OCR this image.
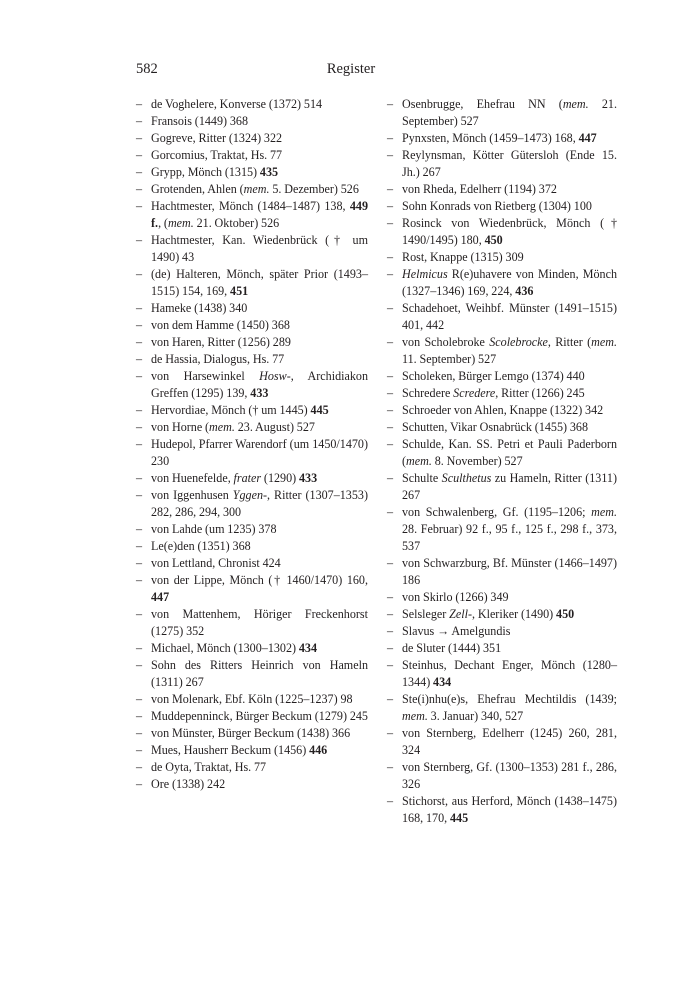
582	Register
– de Voghelere, Konverse (1372) 514
– Fransois (1449) 368
– Gogreve, Ritter (1324) 322
– Gorcomius, Traktat, Hs. 77
– Grypp, Mönch (1315) 435
– Grotenden, Ahlen (mem. 5. Dezember) 526
– Hachtmester, Mönch (1484–1487) 138, 449 f., (mem. 21. Oktober) 526
– Hachtmester, Kan. Wiedenbrück († um 1490) 43
– (de) Halteren, Mönch, später Prior (1493–1515) 154, 169, 451
– Hameke (1438) 340
– von dem Hamme (1450) 368
– von Haren, Ritter (1256) 289
– de Hassia, Dialogus, Hs. 77
– von Harsewinkel Hosw-, Archidiakon Greffen (1295) 139, 433
– Hervordiae, Mönch († um 1445) 445
– von Horne (mem. 23. August) 527
– Hudepol, Pfarrer Warendorf (um 1450/1470) 230
– von Huenefelde, frater (1290) 433
– von Iggenhusen Yggen-, Ritter (1307–1353) 282, 286, 294, 300
– von Lahde (um 1235) 378
– Le(e)den (1351) 368
– von Lettland, Chronist 424
– von der Lippe, Mönch († 1460/1470) 160, 447
– von Mattenhem, Höriger Freckenhorst (1275) 352
– Michael, Mönch (1300–1302) 434
– Sohn des Ritters Heinrich von Hameln (1311) 267
– von Molenark, Ebf. Köln (1225–1237) 98
– Muddepenninck, Bürger Beckum (1279) 245
– von Münster, Bürger Beckum (1438) 366
– Mues, Hausherr Beckum (1456) 446
– de Oyta, Traktat, Hs. 77
– Ore (1338) 242
– Osenbrugge, Ehefrau NN (mem. 21. September) 527
– Pynxsten, Mönch (1459–1473) 168, 447
– Reylynsman, Kötter Gütersloh (Ende 15. Jh.) 267
– von Rheda, Edelherr (1194) 372
– Sohn Konrads von Rietberg (1304) 100
– Rosinck von Wiedenbrück, Mönch († 1490/1495) 180, 450
– Rost, Knappe (1315) 309
– Helmicus R(e)uhavere von Minden, Mönch (1327–1346) 169, 224, 436
– Schadehoet, Weihbf. Münster (1491–1515) 401, 442
– von Scholebroke Scolebrocke, Ritter (mem. 11. September) 527
– Scholeken, Bürger Lemgo (1374) 440
– Schredere Scredere, Ritter (1266) 245
– Schroeder von Ahlen, Knappe (1322) 342
– Schutten, Vikar Osnabrück (1455) 368
– Schulde, Kan. SS. Petri et Pauli Paderborn (mem. 8. November) 527
– Schulte Sculthetus zu Hameln, Ritter (1311) 267
– von Schwalenberg, Gf. (1195–1206; mem. 28. Februar) 92 f., 95 f., 125 f., 298 f., 373, 537
– von Schwarzburg, Bf. Münster (1466–1497) 186
– von Skirlo (1266) 349
– Selsleger Zell-, Kleriker (1490) 450
– Slavus → Amelgundis
– de Sluter (1444) 351
– Steinhus, Dechant Enger, Mönch (1280–1344) 434
– Ste(i)nhu(e)s, Ehefrau Mechtildis (1439; mem. 3. Januar) 340, 527
– von Sternberg, Edelherr (1245) 260, 281, 324
– von Sternberg, Gf. (1300–1353) 281 f., 286, 326
– Stichorst, aus Herford, Mönch (1438–1475) 168, 170, 445
